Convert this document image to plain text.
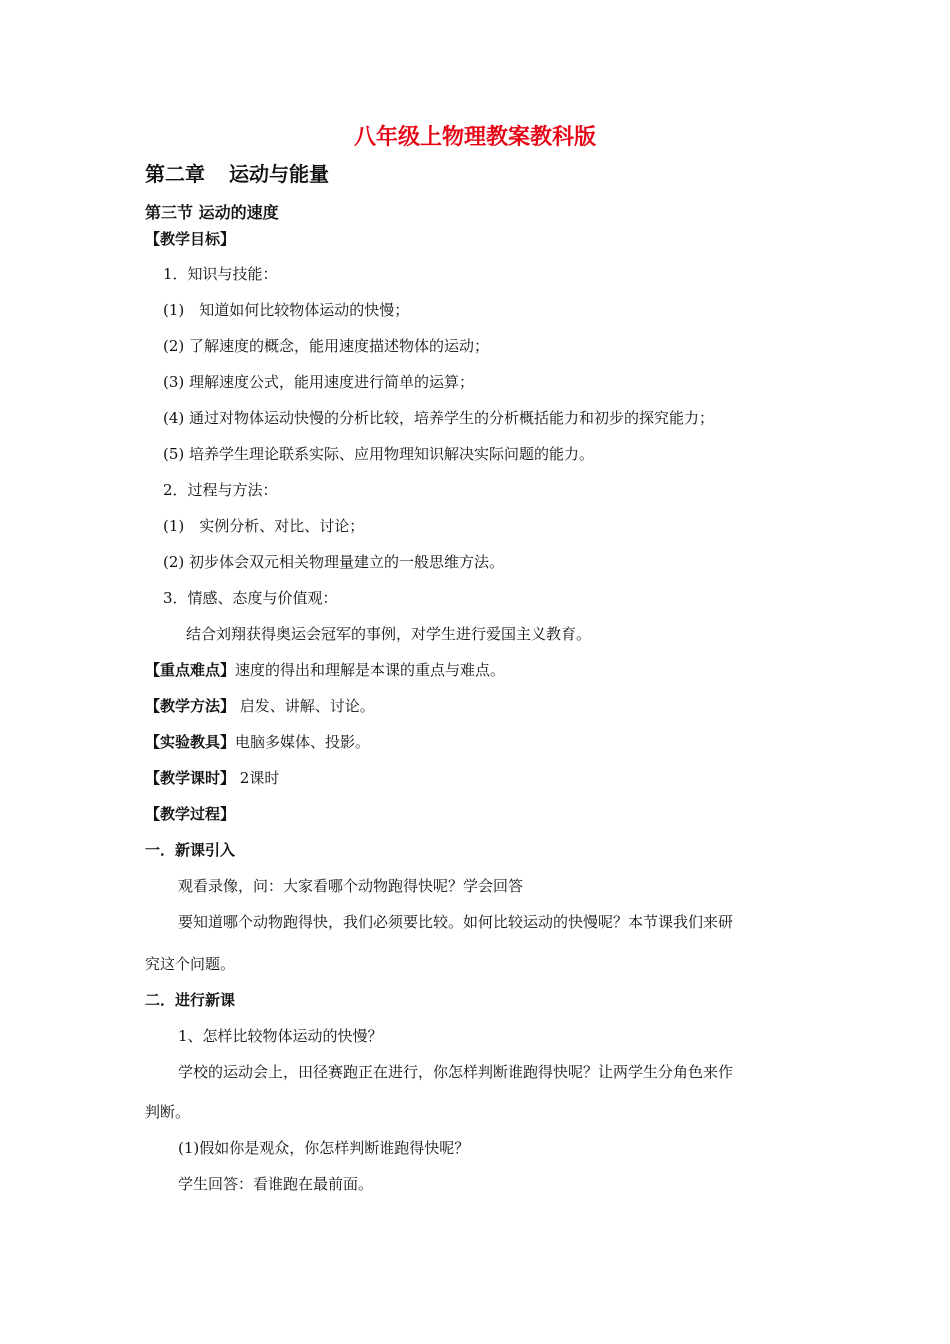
八年级上物理教案教科版
第二章 运动与能量
第三节 运动的速度
【教学目标】
1．知识与技能：
(1)　知道如何比较物体运动的快慢；
(2) 了解速度的概念，能用速度描述物体的运动；
(3) 理解速度公式，能用速度进行简单的运算；
(4) 通过对物体运动快慢的分析比较，培养学生的分析概括能力和初步的探究能力；
(5) 培养学生理论联系实际、应用物理知识解决实际问题的能力。
2．过程与方法：
(1)　实例分析、对比、讨论；
(2) 初步体会双元相关物理量建立的一般思维方法。
3．情感、态度与价值观：
结合刘翔获得奥运会冠军的事例，对学生进行爱国主义教育。
【重点难点】速度的得出和理解是本课的重点与难点。
【教学方法】 启发、讲解、讨论。
【实验教具】电脑多媒体、投影。
【教学课时】 2课时
【教学过程】
一．新课引入
观看录像，问：大家看哪个动物跑得快呢？学会回答
要知道哪个动物跑得快，我们必须要比较。如何比较运动的快慢呢？本节课我们来研
究这个问题。
二．进行新课
1、怎样比较物体运动的快慢？
学校的运动会上，田径赛跑正在进行，你怎样判断谁跑得快呢？让两学生分角色来作
判断。
(1)假如你是观众，你怎样判断谁跑得快呢？
学生回答：看谁跑在最前面。
